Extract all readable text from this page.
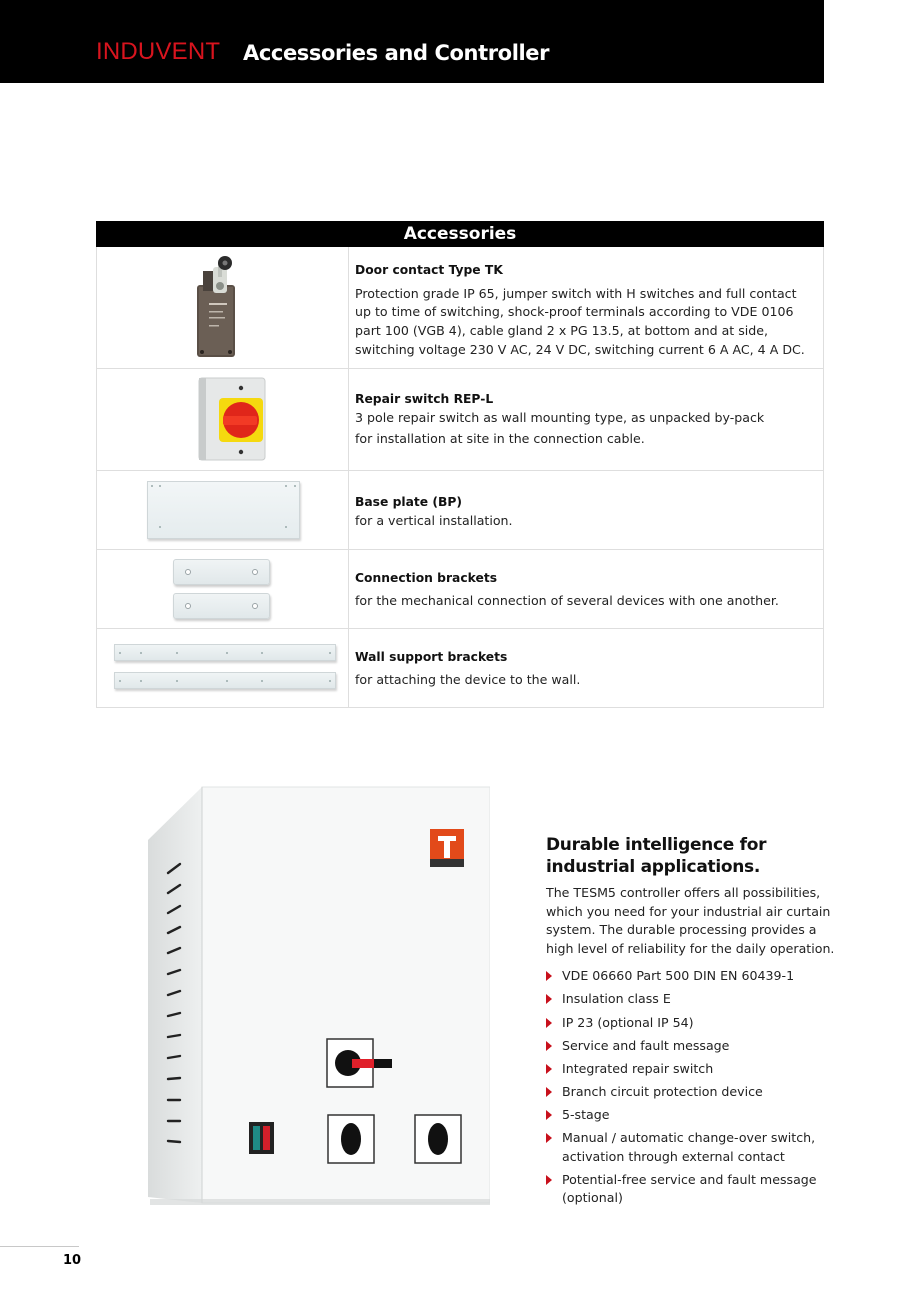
INDUVENT Accessories and Controller
Accessories
Door contact Type TK
Protection grade IP 65, jumper switch with H switches and full contact up to time of switching, shock-proof terminals according to VDE 0106 part 100 (VGB 4), cable gland 2 x PG 13.5, at bottom and at side, switching voltage 230 V AC, 24 V DC, switching current 6 A AC, 4 A DC.
Repair switch REP-L
3 pole repair switch as wall mounting type, as unpacked by-pack
for installation at site in the connection cable.
Base plate (BP)
for a vertical installation.
Connection brackets
for the mechanical connection of several devices with one another.
Wall support brackets
for attaching the device to the wall.
Durable intelligence for
industrial applications.

The TESM5 controller offers all possibilities, which you need for your industrial air curtain system. The durable processing provides a high level of reliability for the daily operation.

VDE 06660 Part 500 DIN EN 60439-1
Insulation class E
IP 23 (optional IP 54)
Service and fault message
Integrated repair switch
Branch circuit protection device
5-stage
Manual / automatic change-over switch, activation through external contact
Potential-free service and fault message (optional)
10
